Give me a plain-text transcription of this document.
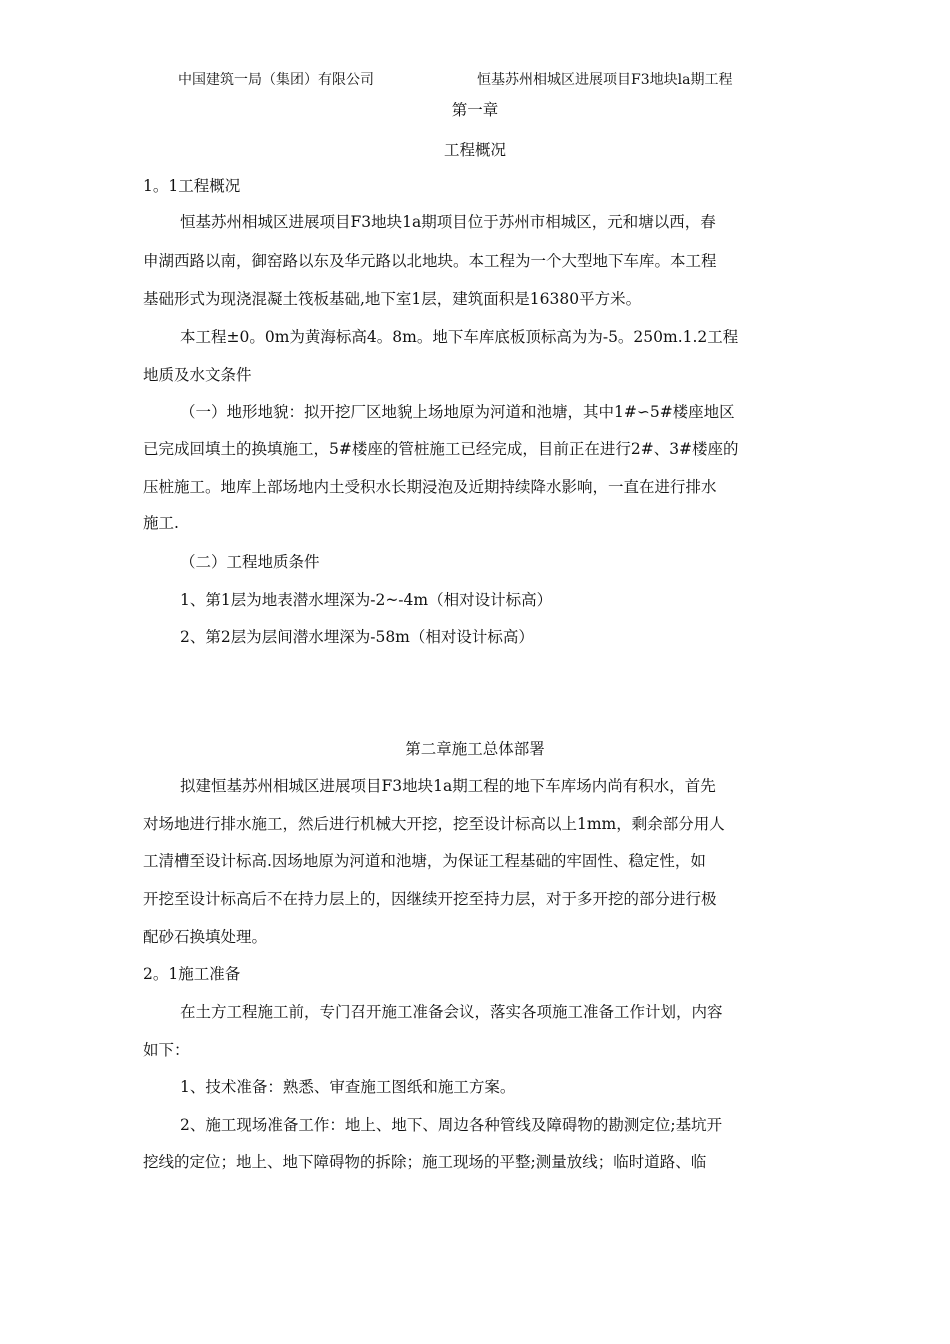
中国建筑一局（集团）有限公司	恒基苏州相城区进展项目F3地块la期工程
第一章
工程概况
1。1工程概况
恒基苏州相城区进展项目F3地块1a期项目位于苏州市相城区，元和塘以西，春
申湖西路以南，御窑路以东及华元路以北地块。本工程为一个大型地下车库。本工程
基础形式为现浇混凝土筏板基础,地下室1层，建筑面积是16380平方米。
本工程±0。0m为黄海标高4。8m。地下车库底板顶标高为为-5。250m.1.2工程
地质及水文条件
（一）地形地貌：拟开挖厂区地貌上场地原为河道和池塘，其中1#∽5#楼座地区
已完成回填土的换填施工，5#楼座的管桩施工已经完成，目前正在进行2#、3#楼座的
压桩施工。地库上部场地内土受积水长期浸泡及近期持续降水影响，一直在进行排水
施工.
（二）工程地质条件
1、第1层为地表潜水埋深为-2~-4m（相对设计标高）
2、第2层为层间潜水埋深为-58m（相对设计标高）
第二章施工总体部署
拟建恒基苏州相城区进展项目F3地块1a期工程的地下车库场内尚有积水，首先
对场地进行排水施工，然后进行机械大开挖，挖至设计标高以上1mm，剩余部分用人
工清槽至设计标高.因场地原为河道和池塘，为保证工程基础的牢固性、稳定性，如
开挖至设计标高后不在持力层上的，因继续开挖至持力层，对于多开挖的部分进行极
配砂石换填处理。
2。1施工准备
在土方工程施工前，专门召开施工准备会议，落实各项施工准备工作计划，内容
如下：
1、技术准备：熟悉、审查施工图纸和施工方案。
2、施工现场准备工作：地上、地下、周边各种管线及障碍物的勘测定位;基坑开
挖线的定位；地上、地下障碍物的拆除；施工现场的平整;测量放线；临时道路、临
